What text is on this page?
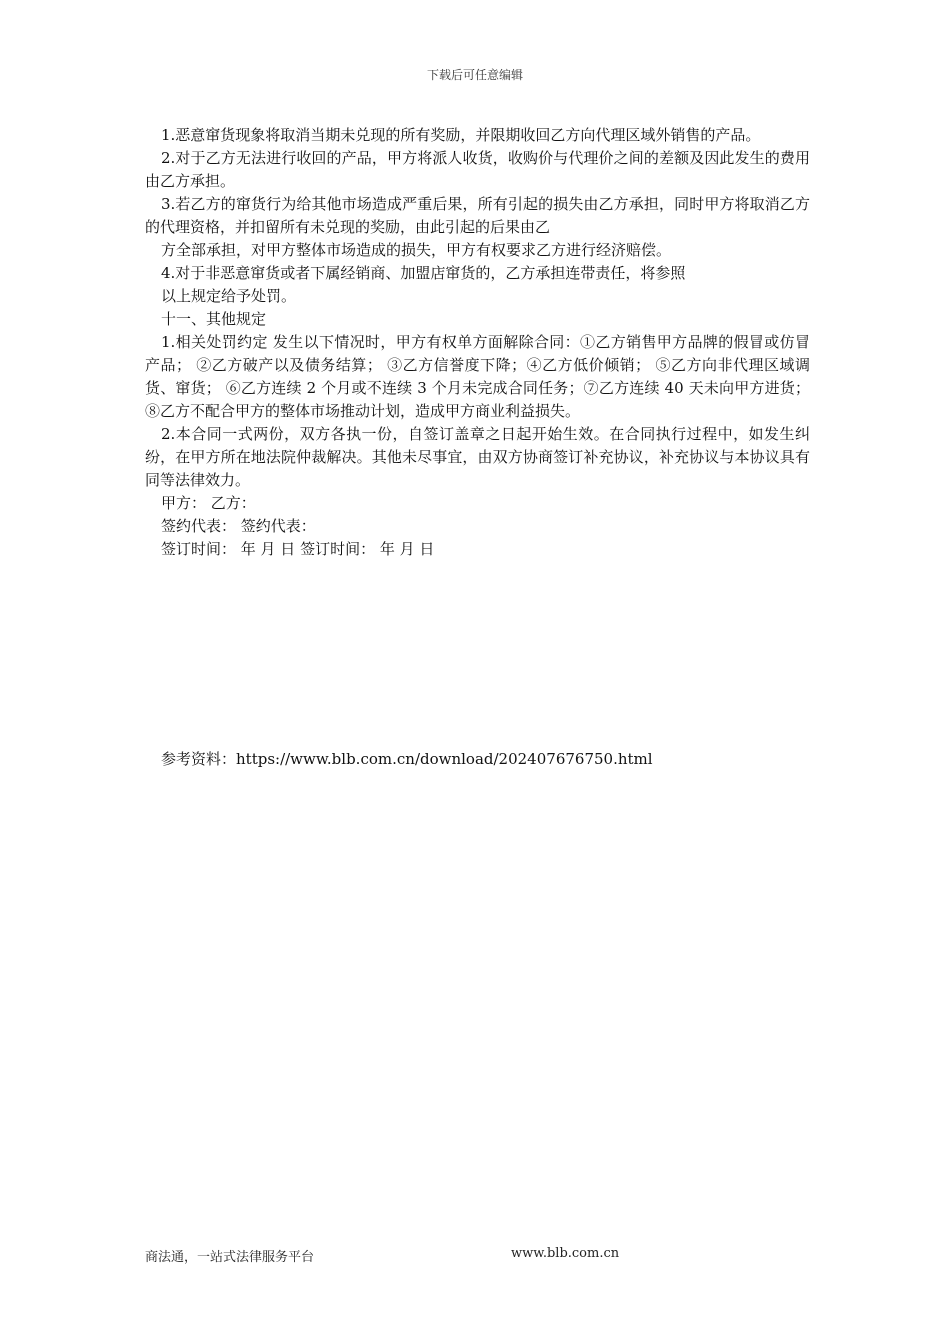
下载后可任意编辑

1.恶意窜货现象将取消当期未兑现的所有奖励，并限期收回乙方向代理区域外销售的产品。

2.对于乙方无法进行收回的产品，甲方将派人收货，收购价与代理价之间的差额及因此发生的费用由乙方承担。

3.若乙方的窜货行为给其他市场造成严重后果，所有引起的损失由乙方承担，同时甲方将取消乙方的代理资格，并扣留所有未兑现的奖励，由此引起的后果由乙

方全部承担，对甲方整体市场造成的损失，甲方有权要求乙方进行经济赔偿。

4.对于非恶意窜货或者下属经销商、加盟店窜货的，乙方承担连带责任，将参照

以上规定给予处罚。

十一、其他规定

1.相关处罚约定 发生以下情况时，甲方有权单方面解除合同：①乙方销售甲方品牌的假冒或仿冒产品； ②乙方破产以及债务结算； ③乙方信誉度下降；④乙方低价倾销； ⑤乙方向非代理区域调货、窜货； ⑥乙方连续 2 个月或不连续 3 个月未完成合同任务；⑦乙方连续 40 天未向甲方进货；⑧乙方不配合甲方的整体市场推动计划，造成甲方商业利益损失。

2.本合同一式两份，双方各执一份，自签订盖章之日起开始生效。在合同执行过程中，如发生纠纷，在甲方所在地法院仲裁解决。其他未尽事宜，由双方协商签订补充协议，补充协议与本协议具有同等法律效力。

甲方： 乙方：

签约代表： 签约代表：

签订时间： 年 月 日 签订时间： 年 月 日

参考资料：https://www.blb.com.cn/download/202407676750.html
商法通，一站式法律服务平台	www.blb.com.cn
